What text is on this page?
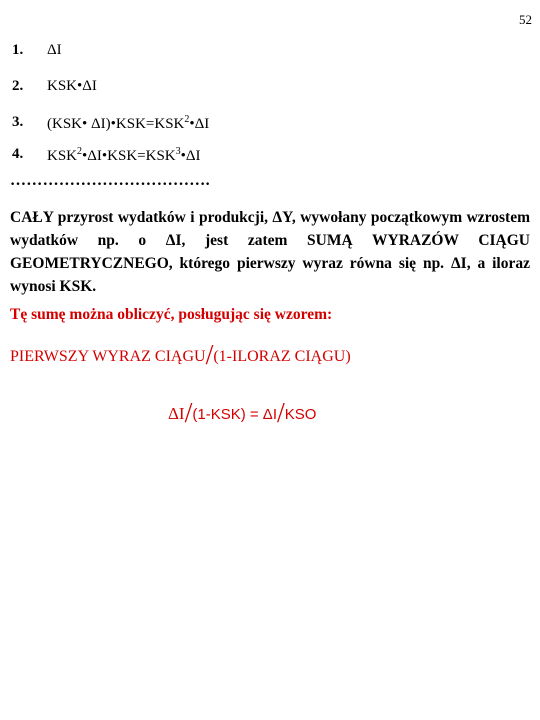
52
1. ΔI
2. KSK•ΔI
3. (KSK• $\Delta I)•KSK=KSK^2•\Delta I$
4. $KSK^2•\Delta I•KSK=KSK^3•\Delta I$
……………………………….
CAŁY przyrost wydatków i produkcji, ΔY, wywołany początkowym wzrostem wydatków np. o ΔI, jest zatem SUMĄ WYRAZÓW CIĄGU GEOMETRYCZNEGO, którego pierwszy wyraz równa się np. ΔI, a iloraz wynosi KSK.
Tę sumę można obliczyć, posługując się wzorem:
PIERWSZY WYRAZ CIĄGU/(1-ILORAZ CIĄGU)
ΔI/(1-KSK) = ΔI/KSO
